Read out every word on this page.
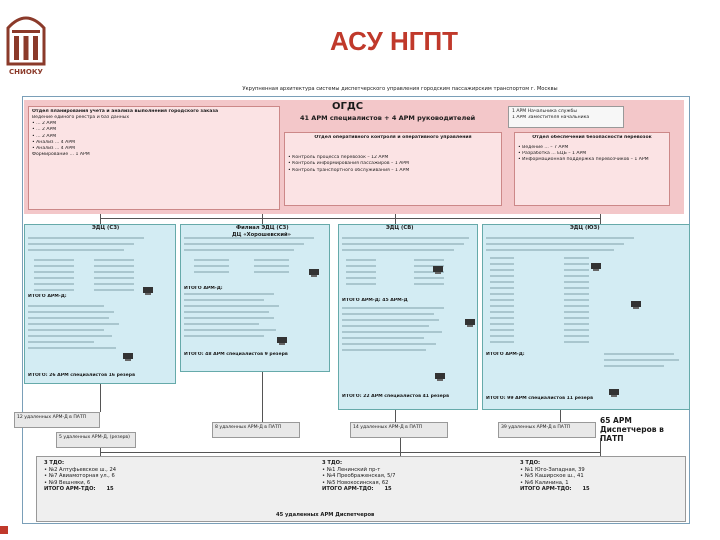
СНИОКУ
АСУ НГПТ
Укрупненная архитектура системы диспетчерского управления городским пассажирским транспортом г. Москвы
ОГДС
41 АРМ специалистов + 4 АРМ руководителей
1 АРМ Начальника службы
1 АРМ Заместителя начальника
Отдел планирования учета и анализа выполнения городского заказа
Ведение единого реестра и баз данных
• ... 2 АРМ
• ... 2 АРМ
• ... 2 АРМ
• Анализ ... 4 АРМ
• Анализ ... 4 АРМ
Формирование ... 1 АРМ
Отдел оперативного контроля и оперативного управления
• Контроль процесса перевозок – 12 АРМ
• Контроль информирования пассажиров – 1 АРМ
• Контроль транспортного обслуживания – 1 АРМ
Отдел обеспечения безопасности перевозок
• Ведение ... – 7 АРМ
• Разработка ... ЕЦБ – 1 АРМ
• Информационная поддержка перевозчиков – 1 АРМ
ЭДЦ (СЗ)	Филиал ЭДЦ (СЗ)
ДЦ «Хорошевский»
ЭДЦ (СВ)	ЭДЦ (ЮЗ)
ИТОГО АРМ-Д:
ИТОГО АРМ-Д:
ИТОГО АРМ-Д: 45 АРМ-Д
ИТОГО АРМ-Д:
ИТОГО: 26 АРМ специалистов 16 резерв
ИТОГО: 48 АРМ специалистов 9 резерв
ИТОГО: 22 АРМ специалистов 41 резерв	ИТОГО: 99 АРМ специалистов 11 резерв
12 удаленных АРМ-Д в ПАТП
5 удаленных АРМ-Д, (резерв)
8 удаленных АРМ-Д в ПАТП	14 удаленных АРМ-Д в ПАТП	39 удаленных АРМ-Д в ПАТП
65 АРМ Диспетчеров в ПАТП
3 ТДО:
• №2 Алтуфьевское ш., 24
• №7 Авиамоторная ул., 6
• №9 Вешняки, 6
ИТОГО АРМ-ТДО: 15
3 ТДО:
• №1 Ленинский пр-т
• №4 Преображенская, 5/7
• №5 Новокосинская, 62
ИТОГО АРМ-ТДО: 15
3 ТДО:
• №1 Юго-Западная, 39
• №5 Каширское ш., 41
• №6 Калинина, 1
ИТОГО АРМ-ТДО: 15
45 удаленных АРМ Диспетчеров
